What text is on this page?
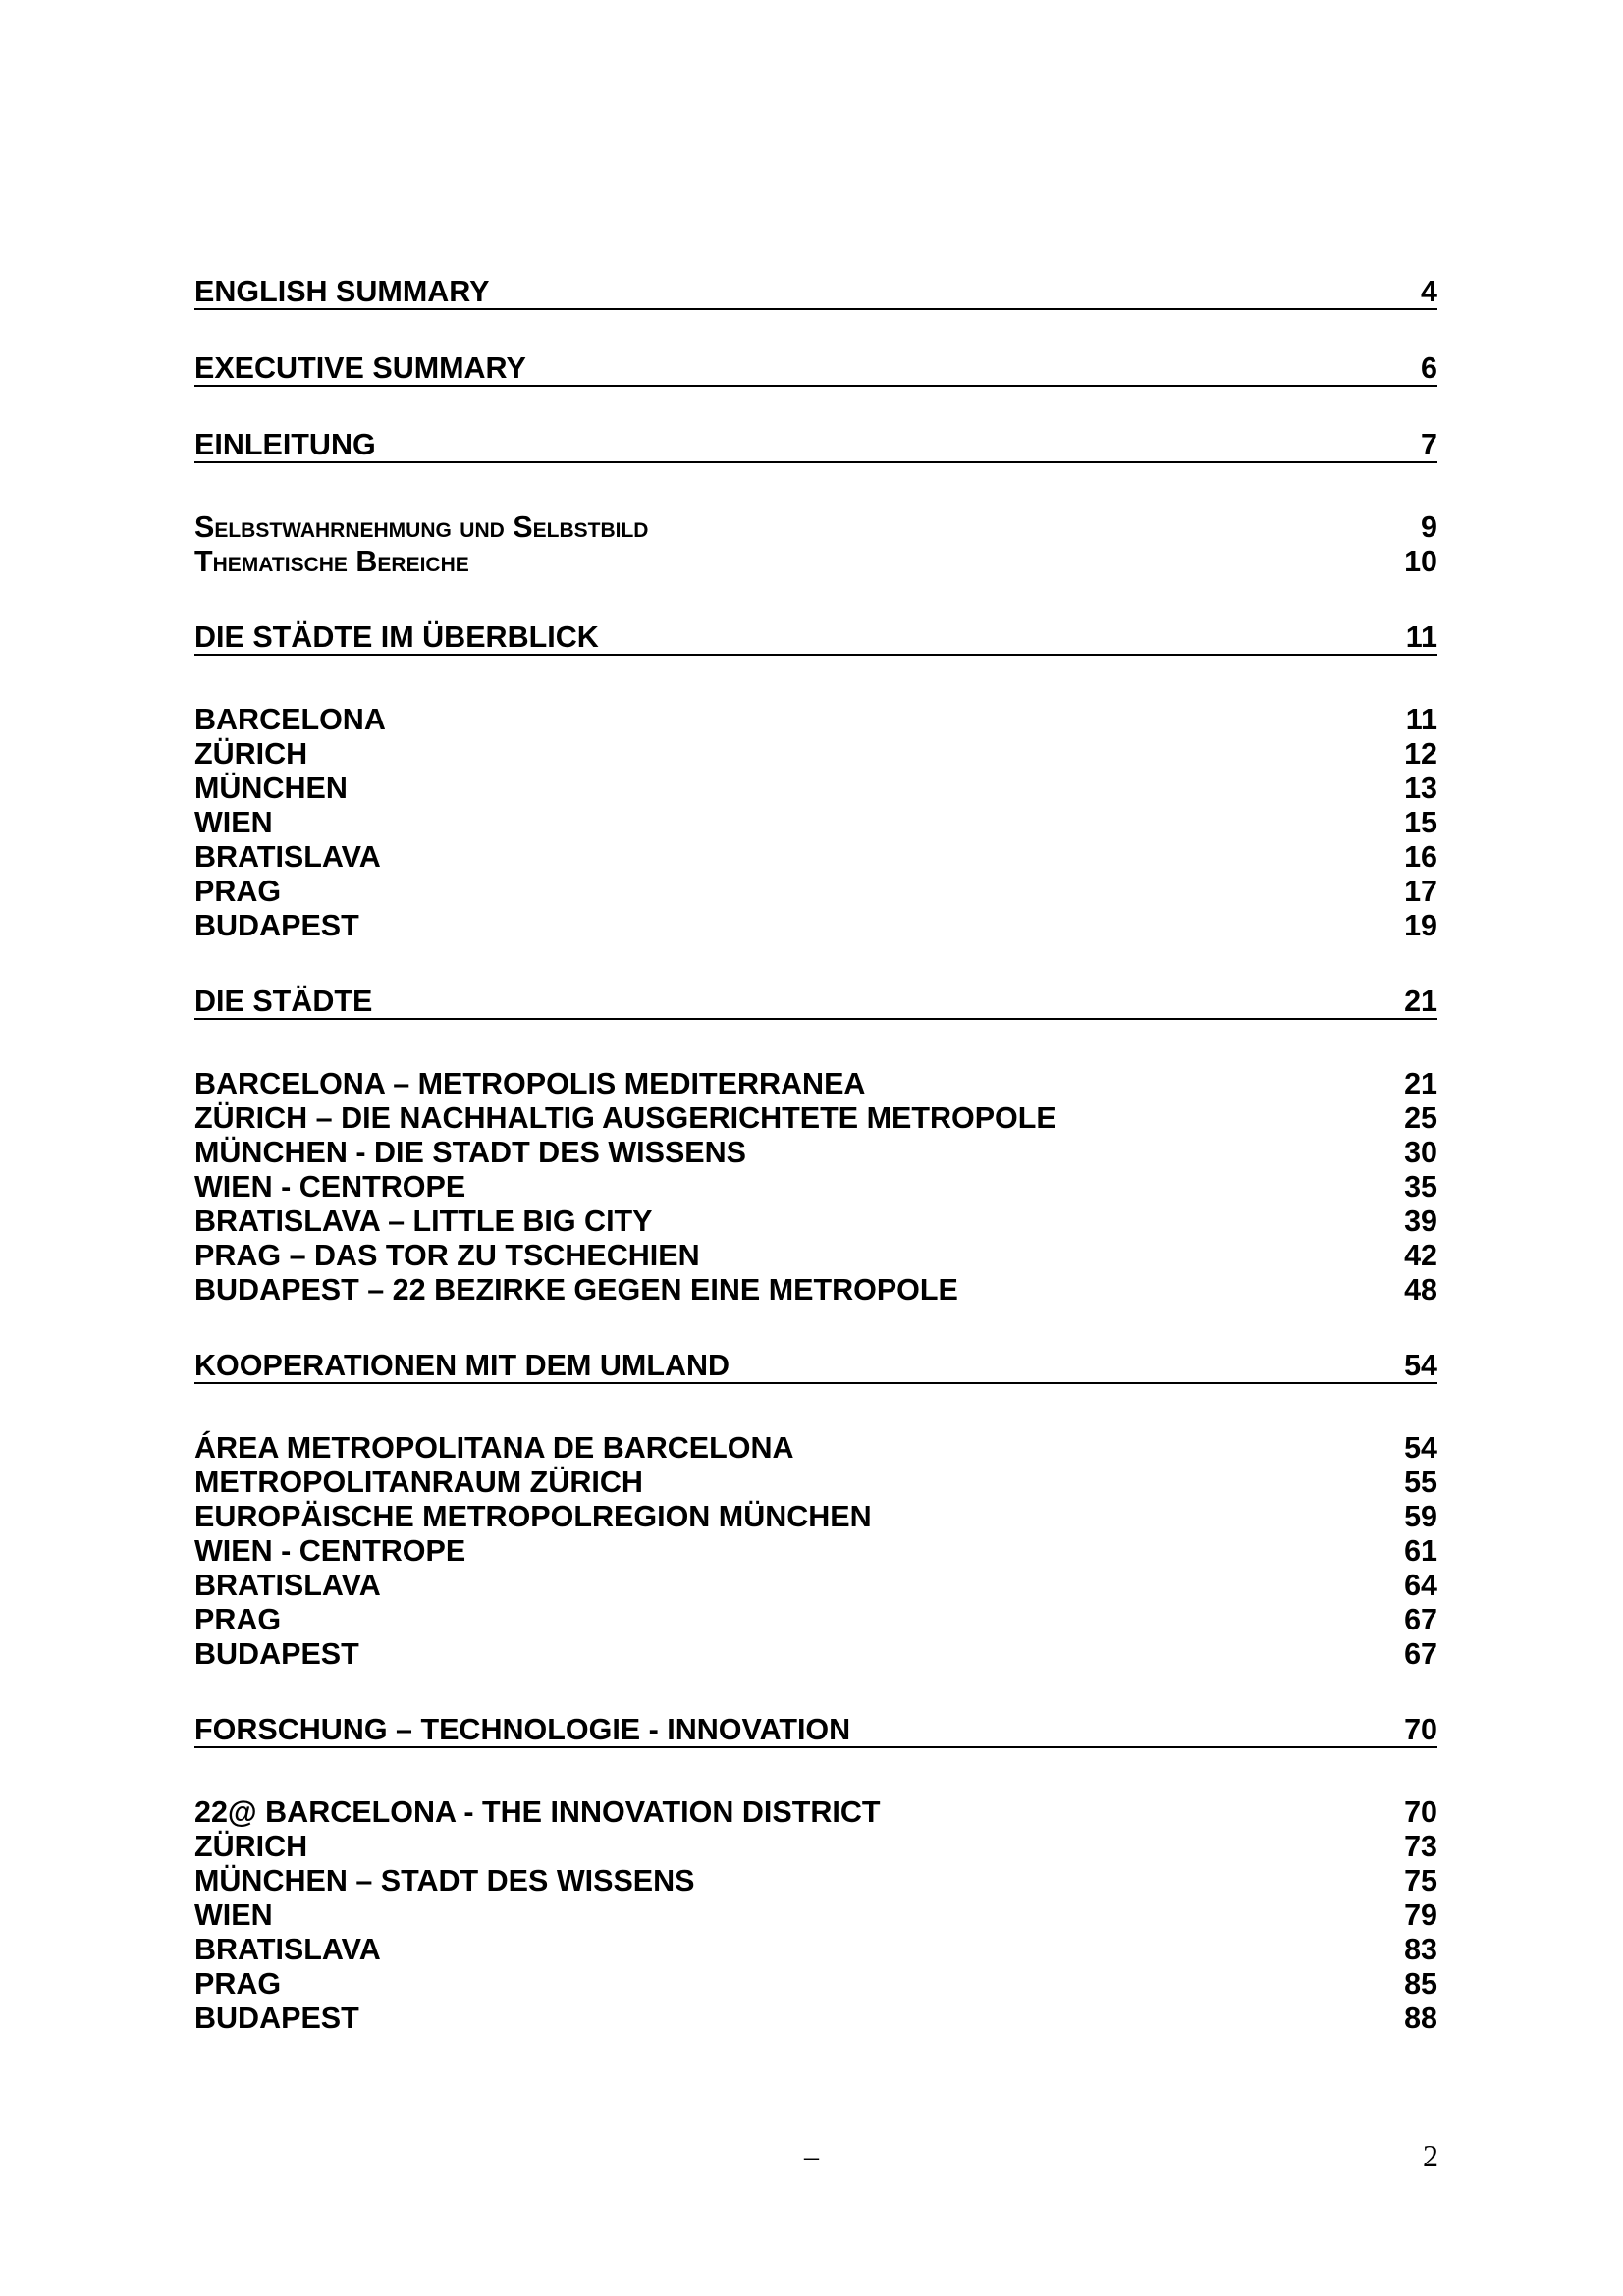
ENGLISH SUMMARY	4
EXECUTIVE SUMMARY	6
EINLEITUNG	7
Selbstwahrnehmung und Selbstbild	9
Thematische Bereiche	10
DIE STÄDTE IM ÜBERBLICK	11
BARCELONA	11
ZÜRICH	12
MÜNCHEN	13
WIEN	15
BRATISLAVA	16
PRAG	17
BUDAPEST	19
DIE STÄDTE	21
BARCELONA – METROPOLIS MEDITERRANEA	21
ZÜRICH – DIE NACHHALTIG AUSGERICHTETE METROPOLE	25
MÜNCHEN - DIE STADT DES WISSENS	30
WIEN - CENTROPE	35
BRATISLAVA – LITTLE BIG CITY	39
PRAG – DAS TOR ZU TSCHECHIEN	42
BUDAPEST – 22 BEZIRKE GEGEN EINE METROPOLE	48
KOOPERATIONEN MIT DEM UMLAND	54
ÁREA METROPOLITANA DE BARCELONA	54
METROPOLITANRAUM ZÜRICH	55
EUROPÄISCHE METROPOLREGION MÜNCHEN	59
WIEN - CENTROPE	61
BRATISLAVA	64
PRAG	67
BUDAPEST	67
FORSCHUNG – TECHNOLOGIE - INNOVATION	70
22@ BARCELONA - THE INNOVATION DISTRICT	70
ZÜRICH	73
MÜNCHEN – STADT DES WISSENS	75
WIEN	79
BRATISLAVA	83
PRAG	85
BUDAPEST	88
–	2
